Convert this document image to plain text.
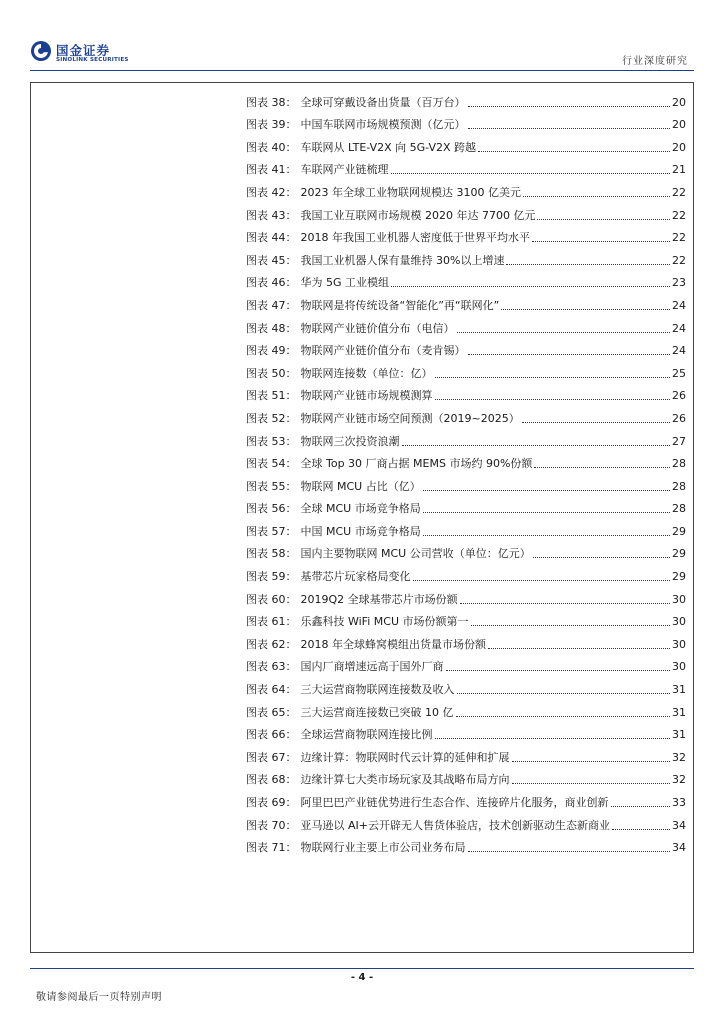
国金证券
SINOLINK SECURITIES	行业深度研究
图表 38： 全球可穿戴设备出货量（百万台）	20
图表 39： 中国车联网市场规模预测（亿元）	20
图表 40： 车联网从 LTE-V2X 向 5G-V2X 跨越	20
图表 41： 车联网产业链梳理	21
图表 42： 2023 年全球工业物联网规模达 3100 亿美元	22
图表 43： 我国工业互联网市场规模 2020 年达 7700 亿元	22
图表 44： 2018 年我国工业机器人密度低于世界平均水平	22
图表 45： 我国工业机器人保有量维持 30%以上增速	22
图表 46： 华为 5G 工业模组	23
图表 47： 物联网是将传统设备“智能化”再“联网化”	24
图表 48： 物联网产业链价值分布（电信）	24
图表 49： 物联网产业链价值分布（麦肯锡）	24
图表 50： 物联网连接数（单位：亿）	25
图表 51： 物联网产业链市场规模测算	26
图表 52： 物联网产业链市场空间预测（2019~2025）	26
图表 53： 物联网三次投资浪潮	27
图表 54： 全球 Top 30 厂商占据 MEMS 市场约 90%份额	28
图表 55： 物联网 MCU 占比（亿）	28
图表 56： 全球 MCU 市场竞争格局	28
图表 57： 中国 MCU 市场竞争格局	29
图表 58： 国内主要物联网 MCU 公司营收（单位：亿元）	29
图表 59： 基带芯片玩家格局变化	29
图表 60： 2019Q2 全球基带芯片市场份额	30
图表 61： 乐鑫科技 WiFi MCU 市场份额第一	30
图表 62： 2018 年全球蜂窝模组出货量市场份额	30
图表 63： 国内厂商增速远高于国外厂商	30
图表 64： 三大运营商物联网连接数及收入	31
图表 65： 三大运营商连接数已突破 10 亿	31
图表 66： 全球运营商物联网连接比例	31
图表 67： 边缘计算：物联网时代云计算的延伸和扩展	32
图表 68： 边缘计算七大类市场玩家及其战略布局方向	32
图表 69： 阿里巴巴产业链优势进行生态合作、连接碎片化服务，商业创新	33
图表 70： 亚马逊以 AI+云开辟无人售货体验店，技术创新驱动生态新商业	34
图表 71： 物联网行业主要上市公司业务布局	34
- 4 -
敬请参阅最后一页特别声明
